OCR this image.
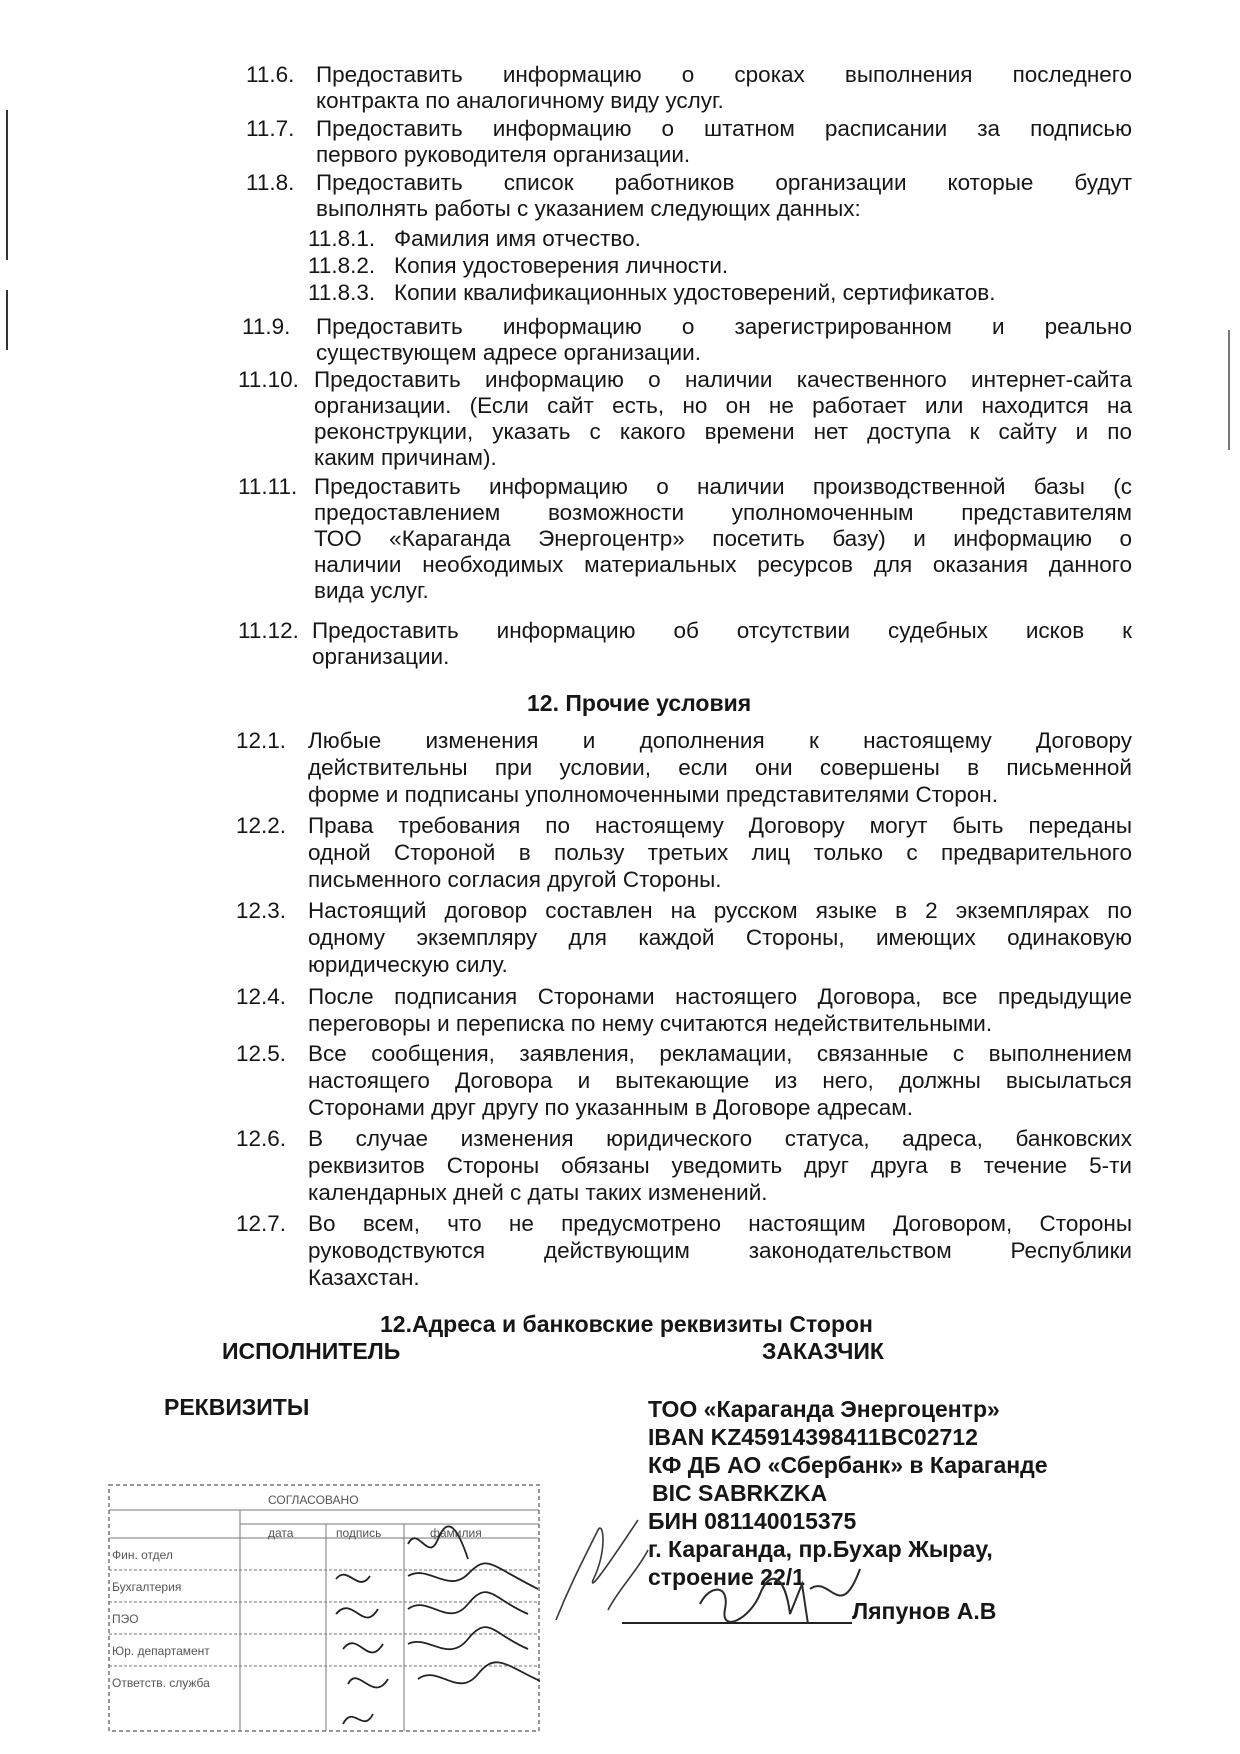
11.6. Предоставить информацию о сроках выполнения последнего
контракта по аналогичному виду услуг.
11.7. Предоставить информацию о штатном расписании за подписью
первого руководителя организации.
11.8. Предоставить список работников организации которые будут
выполнять работы с указанием следующих данных:
11.8.1. Фамилия имя отчество.
11.8.2. Копия удостоверения личности.
11.8.3. Копии квалификационных удостоверений, сертификатов.
11.9. Предоставить информацию о зарегистрированном и реально
существующем адресе организации.
11.10. Предоставить информацию о наличии качественного интернет-сайта
организации. (Если сайт есть, но он не работает или находится на
реконструкции, указать с какого времени нет доступа к сайту и по
каким причинам).
11.11. Предоставить информацию о наличии производственной базы (с
предоставлением возможности уполномоченным представителям
ТОО «Караганда Энергоцентр» посетить базу) и информацию о
наличии необходимых материальных ресурсов для оказания данного
вида услуг.
11.12. Предоставить информацию об отсутствии судебных исков к
организации.
12. Прочие условия
12.1. Любые изменения и дополнения к настоящему Договору
действительны при условии, если они совершены в письменной
форме и подписаны уполномоченными представителями Сторон.
12.2. Права требования по настоящему Договору могут быть переданы
одной Стороной в пользу третьих лиц только с предварительного
письменного согласия другой Стороны.
12.3. Настоящий договор составлен на русском языке в 2 экземплярах по
одному экземпляру для каждой Стороны, имеющих одинаковую
юридическую силу.
12.4. После подписания Сторонами настоящего Договора, все предыдущие
переговоры и переписка по нему считаются недействительными.
12.5. Все сообщения, заявления, рекламации, связанные с выполнением
настоящего Договора и вытекающие из него, должны высылаться
Сторонами друг другу по указанным в Договоре адресам.
12.6. В случае изменения юридического статуса, адреса, банковских
реквизитов Стороны обязаны уведомить друг друга в течение 5-ти
календарных дней с даты таких изменений.
12.7. Во всем, что не предусмотрено настоящим Договором, Стороны
руководствуются действующим законодательством Республики
Казахстан.
12.Адреса и банковские реквизиты Сторон
ИСПОЛНИТЕЛЬ	ЗАКАЗЧИК
РЕКВИЗИТЫ	ТОО «Караганда Энергоцентр»
IBAN KZ45914398411BC02712
КФ ДБ АО «Сбербанк» в Караганде
BIC SABRKZKA
БИН 081140015375
г. Караганда, пр.Бухар Жырау,
строение 22/1
Ляпунов А.В
СОГЛАСОВАНО
дата	подпись	фамилия
Фин. отдел
Бухгалтерия
ПЭО
Юр. департамент
Ответств. служба
